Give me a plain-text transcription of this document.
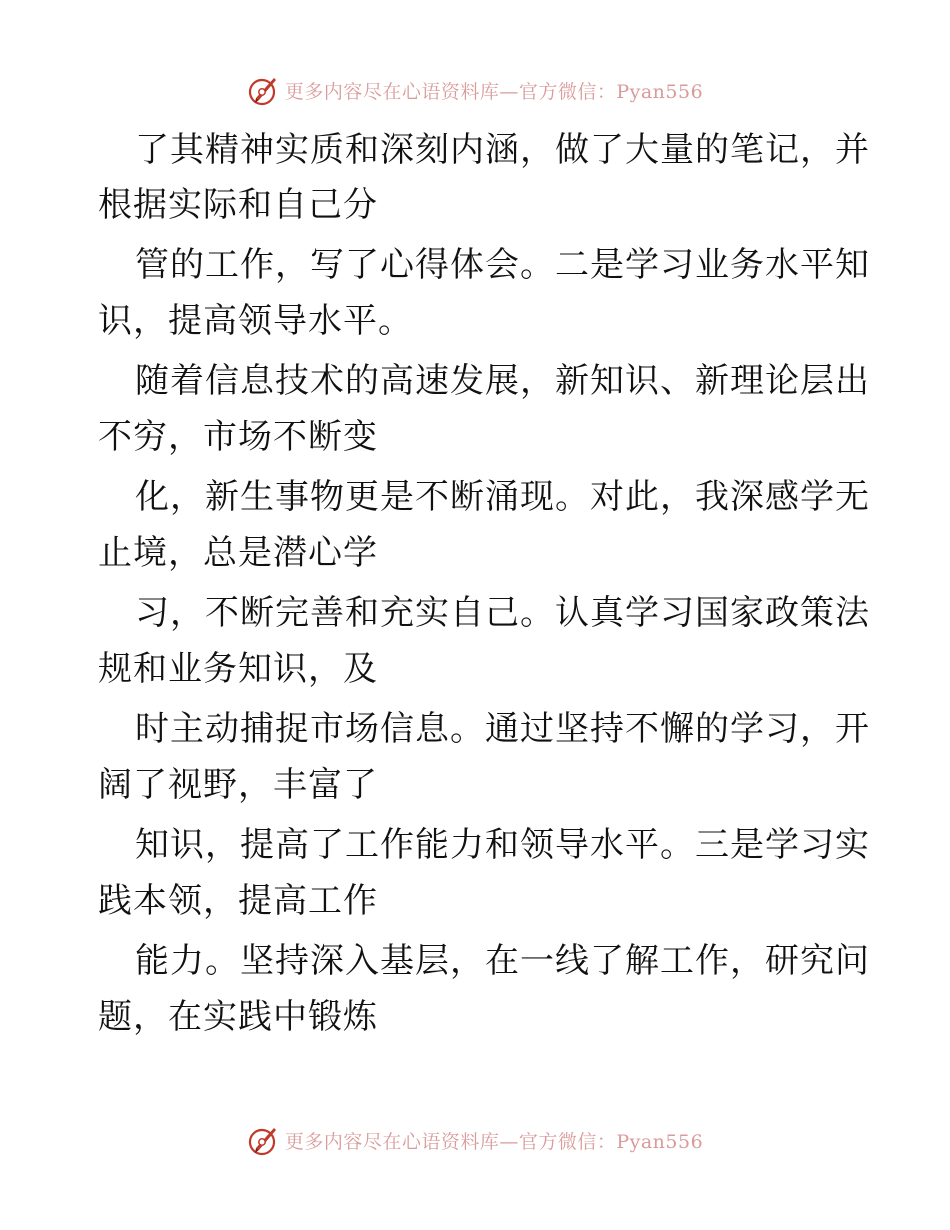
更多内容尽在心语资料库—官方微信：Pyan556
了其精神实质和深刻内涵，做了大量的笔记，并
根据实际和自己分
管的工作，写了心得体会。二是学习业务水平知
识，提高领导水平。
随着信息技术的高速发展，新知识、新理论层出
不穷，市场不断变
化，新生事物更是不断涌现。对此，我深感学无
止境，总是潜心学
习，不断完善和充实自己。认真学习国家政策法
规和业务知识，及
时主动捕捉市场信息。通过坚持不懈的学习，开
阔了视野，丰富了
知识，提高了工作能力和领导水平。三是学习实
践本领，提高工作
能力。坚持深入基层，在一线了解工作，研究问
题，在实践中锻炼
更多内容尽在心语资料库—官方微信：Pyan556
